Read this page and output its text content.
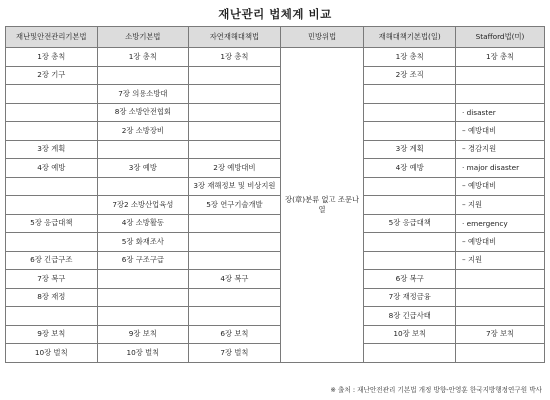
재난관리 법체계 비교
재난및안전관리기본법	소방기본법	자연재해대책법	민방위법	재해대책기본법(일)	Stafford법(미)
1장 총칙	1장 총칙	1장 총칙	장(章)분류 없고 조문나열	1장 총칙	1장 총칙
2장 기구				2장 조직	
	7장 의용소방대				
	8장 소방안전협회				· disaster
	2장 소방장비				– 예방대비
3장 계획				3장 계획	– 경감지원
4장 예방	3장 예방	2장 예방대비		4장 예방	· major disaster
		3장 재해정보 및 비상지원			– 예방대비
	7장2 소방산업육성	5장 연구기술개발			– 지원
5장 응급대책	4장 소방활동			5장 응급대책	· emergency
	5장 화재조사				– 예방대비
6장 긴급구조	6장 구조구급				– 지원
7장 복구		4장 복구		6장 복구	
8장 재정				7장 재정금융	
				8장 긴급사태	
9장 보칙	9장 보칙	6장 보칙		10장 보칙	7장 보칙
10장 벌칙	10장 벌칙	7장 벌칙			
※ 출처 : 재난안전관리 기본법 개정 방향-안영훈 한국지방행정연구원 박사
